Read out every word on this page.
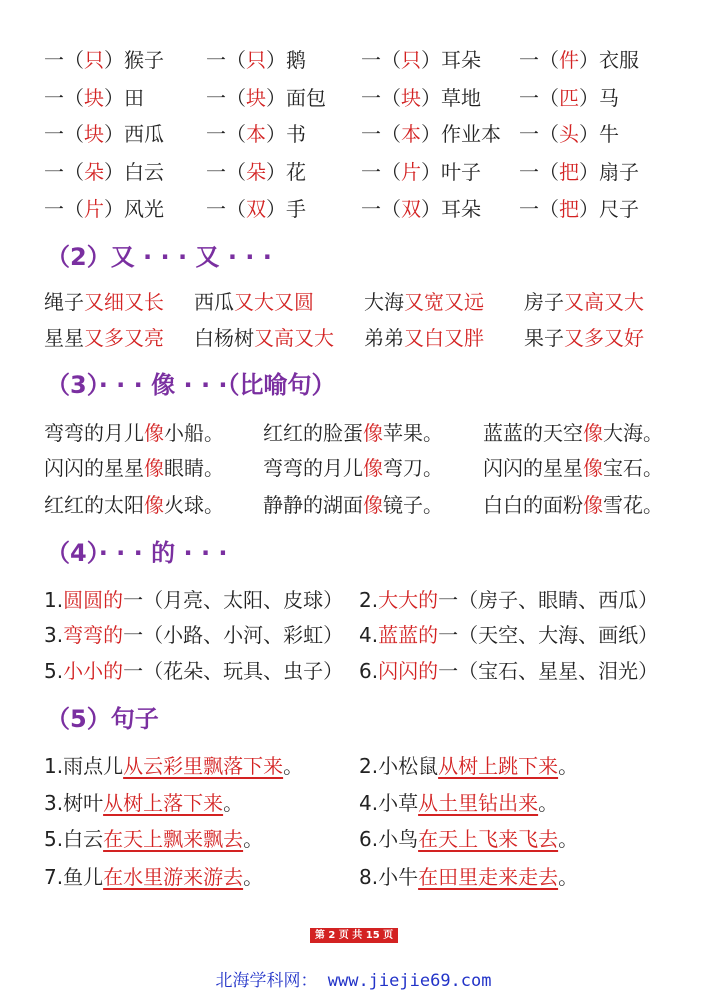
一（只）猴子 一（只）鹅	一（只）耳朵 一（件）衣服
一（块）田	一（块）面包 一（块）草地 一（匹）马
一（块）西瓜 一（本）书	一（本）作业本 一（头）牛
一（朵）白云 一（朵）花	一（片）叶子 一（把）扇子
一（片）风光 一（双）手	一（双）耳朵 一（把）尺子
（2）又 · · · 又 · · ·
绳子又细又长 西瓜又大又圆	大海又宽又远 房子又高又大
星星又多又亮 白杨树又高又大 弟弟又白又胖 果子又多又好
（3）· · · 像 · · ·（比喻句）
弯弯的月儿像小船。 红红的脸蛋像苹果。 蓝蓝的天空像大海。
闪闪的星星像眼睛。 弯弯的月儿像弯刀。 闪闪的星星像宝石。
红红的太阳像火球。 静静的湖面像镜子。 白白的面粉像雪花。
（4）· · · 的 · · ·
1.圆圆的一（月亮、太阳、皮球） 2.大大的一（房子、眼睛、西瓜）
3.弯弯的一（小路、小河、彩虹） 4.蓝蓝的一（天空、大海、画纸）
5.小小的一（花朵、玩具、虫子） 6.闪闪的一（宝石、星星、泪光）
（5）句子
1.雨点儿从云彩里飘落下来。	2.小松鼠从树上跳下来。
3.树叶从树上落下来。	4.小草从土里钻出来。
5.白云在天上飘来飘去。	6.小鸟在天上飞来飞去。
7.鱼儿在水里游来游去。	8.小牛在田里走来走去。
第 2 页 共 15 页
北海学科网： www.jiejie69.com
